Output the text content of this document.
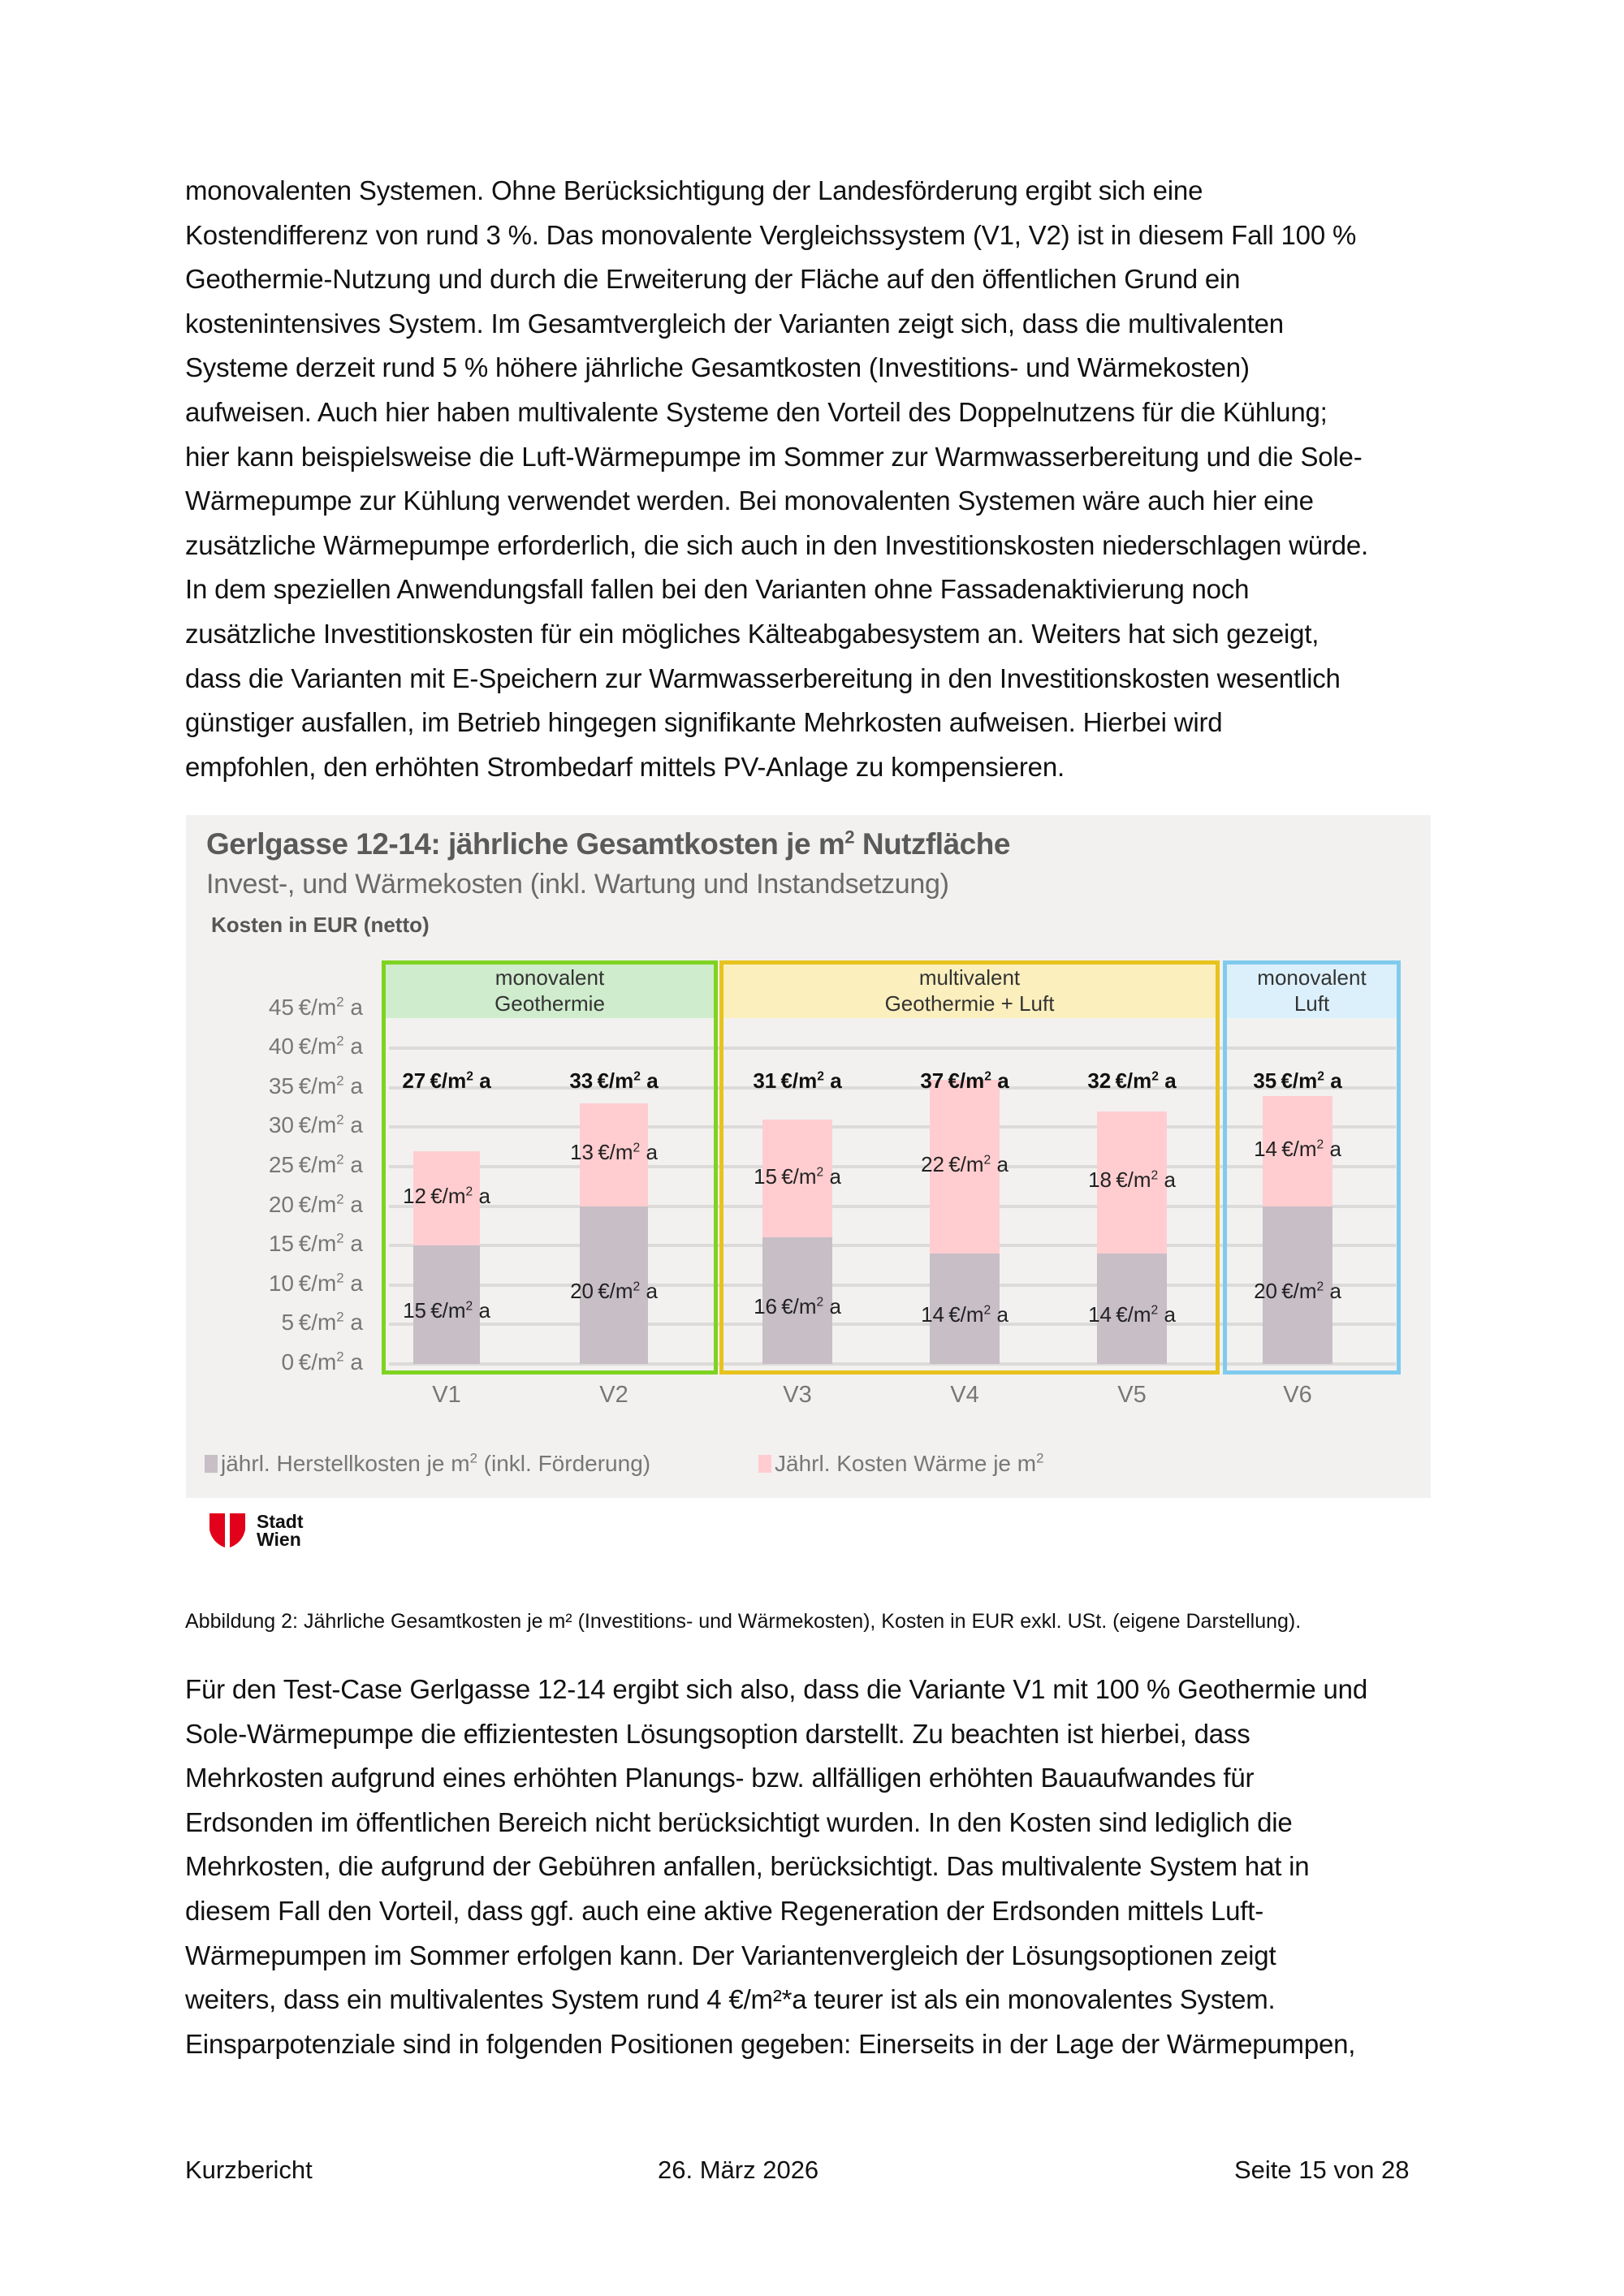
monovalenten Systemen. Ohne Berücksichtigung der Landesförderung ergibt sich eine

Kostendifferenz von rund 3 %. Das monovalente Vergleichssystem (V1, V2) ist in diesem Fall 100 %

Geothermie-Nutzung und durch die Erweiterung der Fläche auf den öffentlichen Grund ein

kostenintensives System. Im Gesamtvergleich der Varianten zeigt sich, dass die multivalenten

Systeme derzeit rund 5 % höhere jährliche Gesamtkosten (Investitions- und Wärmekosten)

aufweisen. Auch hier haben multivalente Systeme den Vorteil des Doppelnutzens für die Kühlung;

hier kann beispielsweise die Luft-Wärmepumpe im Sommer zur Warmwasserbereitung und die Sole-

Wärmepumpe zur Kühlung verwendet werden. Bei monovalenten Systemen wäre auch hier eine

zusätzliche Wärmepumpe erforderlich, die sich auch in den Investitionskosten niederschlagen würde.

In dem speziellen Anwendungsfall fallen bei den Varianten ohne Fassadenaktivierung noch

zusätzliche Investitionskosten für ein mögliches Kälteabgabesystem an. Weiters hat sich gezeigt,

dass die Varianten mit E-Speichern zur Warmwasserbereitung in den Investitionskosten wesentlich

günstiger ausfallen, im Betrieb hingegen signifikante Mehrkosten aufweisen. Hierbei wird

empfohlen, den erhöhten Strombedarf mittels PV-Anlage zu kompensieren.

Gerlgasse 12-14: jährliche Gesamtkosten je $m^2$ Nutzfläche
Invest-, und Wärmekosten (inkl. Wartung und Instandsetzung)
Kosten in EUR (netto)
0 $€/m^2$ a
5 $€/m^2$ a
10 $€/m^2$ a
15 $€/m^2$ a
20 $€/m^2$ a
25 $€/m^2$ a
30 $€/m^2$ a
35 $€/m^2$ a
40 $€/m^2$ a
45 $€/m^2$ a
monovalent
Geothermie
multivalent
Geothermie + Luft
monovalent
Luft
15 $€/m^2$ a
12 $€/m^2$ a
27 $€/m^2$ a
20 $€/m^2$ a
13 $€/m^2$ a
33 $€/m^2$ a
16 $€/m^2$ a
15 $€/m^2$ a
31 $€/m^2$ a
14 $€/m^2$ a
22 $€/m^2$ a
37 $€/m^2$ a
14 $€/m^2$ a
18 $€/m^2$ a
32 $€/m^2$ a
20 $€/m^2$ a
14 $€/m^2$ a
35 $€/m^2$ a
V1	V2	V3	V4	V5	V6
jährl. Herstellkosten je $m^2$ (inkl. Förderung)	Jährl. Kosten Wärme je $m^2$
Stadt
Wien
Abbildung 2: Jährliche Gesamtkosten je m² (Investitions- und Wärmekosten), Kosten in EUR exkl. USt. (eigene Darstellung).

Für den Test-Case Gerlgasse 12-14 ergibt sich also, dass die Variante V1 mit 100 % Geothermie und

Sole-Wärmepumpe die effizientesten Lösungsoption darstellt. Zu beachten ist hierbei, dass

Mehrkosten aufgrund eines erhöhten Planungs- bzw. allfälligen erhöhten Bauaufwandes für

Erdsonden im öffentlichen Bereich nicht berücksichtigt wurden. In den Kosten sind lediglich die

Mehrkosten, die aufgrund der Gebühren anfallen, berücksichtigt. Das multivalente System hat in

diesem Fall den Vorteil, dass ggf. auch eine aktive Regeneration der Erdsonden mittels Luft-

Wärmepumpen im Sommer erfolgen kann. Der Variantenvergleich der Lösungsoptionen zeigt

weiters, dass ein multivalentes System rund 4 €/m²*a teurer ist als ein monovalentes System.

Einsparpotenziale sind in folgenden Positionen gegeben: Einerseits in der Lage der Wärmepumpen,

Kurzbericht	26. März 2026	Seite 15 von 28
